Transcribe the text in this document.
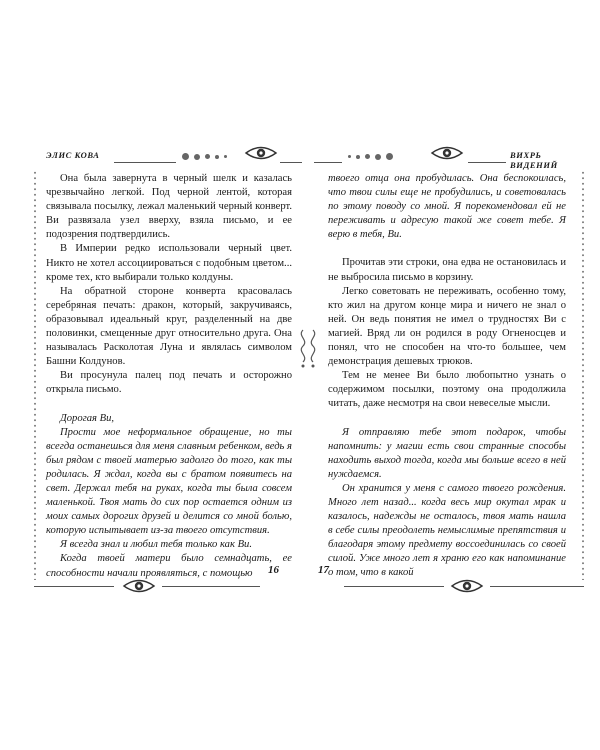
ЭЛИС КОВА

Она была завернута в черный шелк и казалась чрезвычайно легкой. Под черной лентой, которая связывала посылку, лежал маленький черный конверт. Ви развязала узел вверху, взяла письмо, и ее подозрения подтвердились.

В Империи редко использовали черный цвет. Никто не хотел ассоциироваться с подобным цветом... кроме тех, кто выбирали только колдуны.

На обратной стороне конверта красовалась серебряная печать: дракон, который, закручиваясь, образовывал идеальный круг, разделенный на две половинки, смещенные друг относительно друга. Она называлась Расколотая Луна и являлась символом Башни Колдунов.

Ви просунула палец под печать и осторожно открыла письмо.

Дорогая Ви,

Прости мое неформальное обращение, но ты всегда останешься для меня славным ребенком, ведь я был рядом с твоей матерью задолго до того, как ты родилась. Я ждал, когда вы с братом появитесь на свет. Держал тебя на руках, когда ты была совсем маленькой. Твоя мать до сих пор остается одним из моих самых дорогих друзей и делится со мной болью, которую испытывает из-за твоего отсутствия.

Я всегда знал и любил тебя только как Ви.

Когда твоей матери было семнадцать, ее способности начали проявляться, с помощью	16
ВИХРЬ ВИДЕНИЙ

твоего отца она пробудилась. Она беспокоилась, что твои силы еще не пробудились, и советовалась по этому поводу со мной. Я порекомендовал ей не переживать и адресую такой же совет тебе. Я верю в тебя, Ви.

Прочитав эти строки, она едва не остановилась и не выбросила письмо в корзину.

Легко советовать не переживать, особенно тому, кто жил на другом конце мира и ничего не знал о ней. Он ведь понятия не имел о трудностях Ви с магией. Вряд ли он родился в роду Огненосцев и понял, что не способен на что-то большее, чем демонстрация дешевых трюков.

Тем не менее Ви было любопытно узнать о содержимом посылки, поэтому она продолжила читать, даже несмотря на свои невеселые мысли.

Я отправляю тебе этот подарок, чтобы напомнить: у магии есть свои странные способы находить выход тогда, когда мы больше всего в ней нуждаемся.

Он хранится у меня с самого твоего рождения. Много лет назад... когда весь мир окутал мрак и казалось, надежды не осталось, твоя мать нашла в себе силы преодолеть немыслимые препятствия и благодаря этому предмету воссоединилась со своей силой. Уже много лет я храню его как напоминание о том, что в какой

17
